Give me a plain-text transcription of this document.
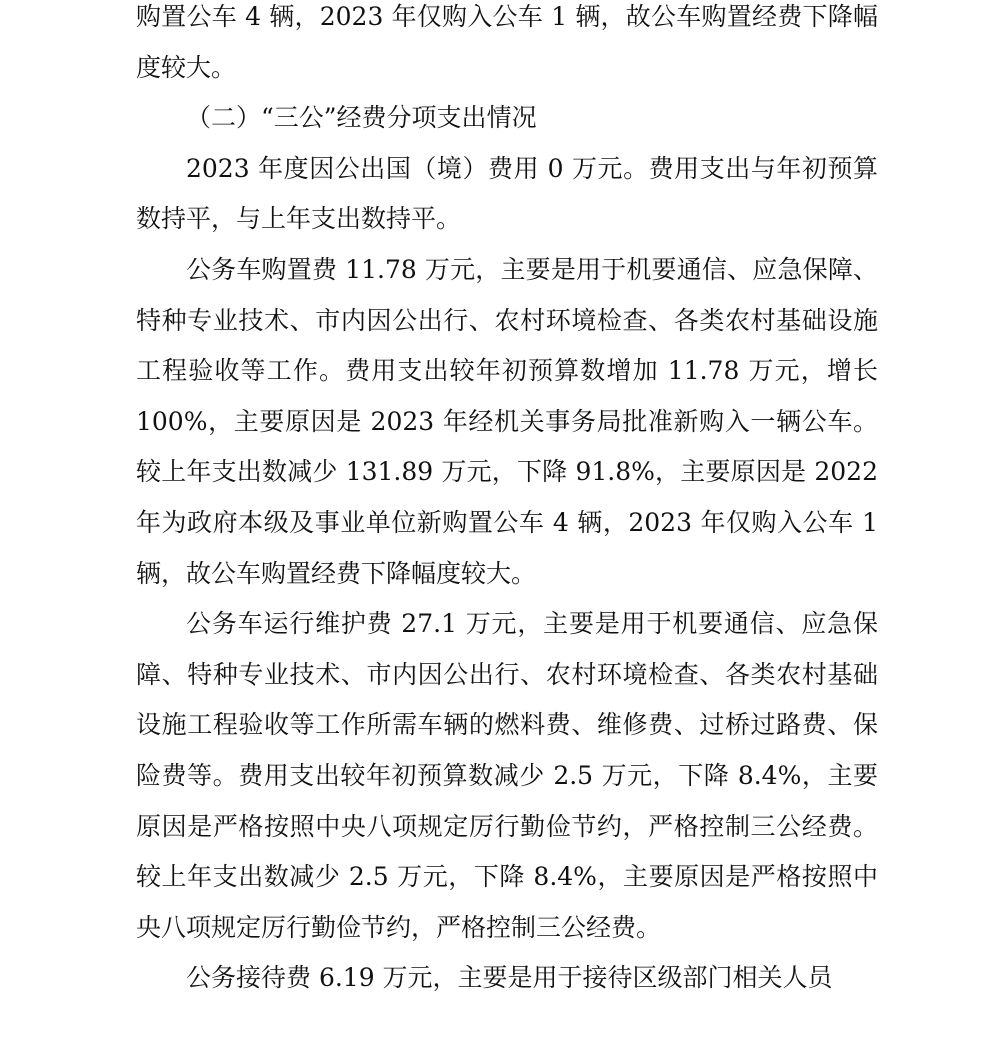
购置公车 4 辆，2023 年仅购入公车 1 辆，故公车购置经费下降幅度较大。

（二）“三公”经费分项支出情况

2023 年度因公出国（境）费用 0 万元。费用支出与年初预算数持平，与上年支出数持平。

公务车购置费 11.78 万元，主要是用于机要通信、应急保障、特种专业技术、市内因公出行、农村环境检查、各类农村基础设施工程验收等工作。费用支出较年初预算数增加 11.78 万元，增长 100%，主要原因是 2023 年经机关事务局批准新购入一辆公车。较上年支出数减少 131.89 万元，下降 91.8%，主要原因是 2022 年为政府本级及事业单位新购置公车 4 辆，2023 年仅购入公车 1 辆，故公车购置经费下降幅度较大。

公务车运行维护费 27.1 万元，主要是用于机要通信、应急保障、特种专业技术、市内因公出行、农村环境检查、各类农村基础设施工程验收等工作所需车辆的燃料费、维修费、过桥过路费、保险费等。费用支出较年初预算数减少 2.5 万元，下降 8.4%，主要原因是严格按照中央八项规定厉行勤俭节约，严格控制三公经费。较上年支出数减少 2.5 万元，下降 8.4%，主要原因是严格按照中央八项规定厉行勤俭节约，严格控制三公经费。

公务接待费 6.19 万元，主要是用于接待区级部门相关人员
